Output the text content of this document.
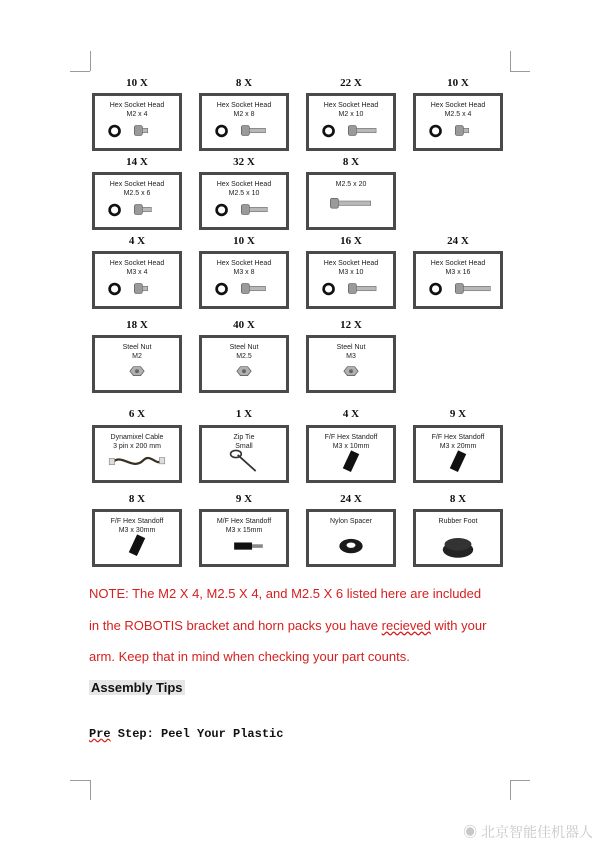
10 X
Hex Socket Head
M2 x 4
8 X
Hex Socket Head
M2 x 8
22 X
Hex Socket Head
M2 x 10
10 X
Hex Socket Head
M2.5 x 4
14 X
Hex Socket Head
M2.5 x 6
32 X
Hex Socket Head
M2.5 x 10
8 X
M2.5 x 20
4 X
Hex Socket Head
M3 x 4
10 X
Hex Socket Head
M3 x 8
16 X
Hex Socket Head
M3 x 10
24 X
Hex Socket Head
M3 x 16
18 X
Steel Nut
M2
40 X
Steel Nut
M2.5
12 X
Steel Nut
M3
6 X
Dynamixel Cable
3 pin x 200 mm
1 X
Zip Tie
Small
4 X
F/F Hex Standoff
M3 x 10mm
9 X
F/F Hex Standoff
M3 x 20mm
8 X
F/F Hex Standoff
M3 x 30mm
9 X
M/F Hex Standoff
M3 x 15mm
24 X
Nylon Spacer
8 X
Rubber Foot
NOTE: The M2 X 4, M2.5 X 4, and M2.5 X 6 listed here are included
in the ROBOTIS bracket and horn packs you have recieved with your
arm. Keep that in mind when checking your part counts.
Assembly Tips
Pre Step: Peel Your Plastic
◉ 北京智能佳机器人
